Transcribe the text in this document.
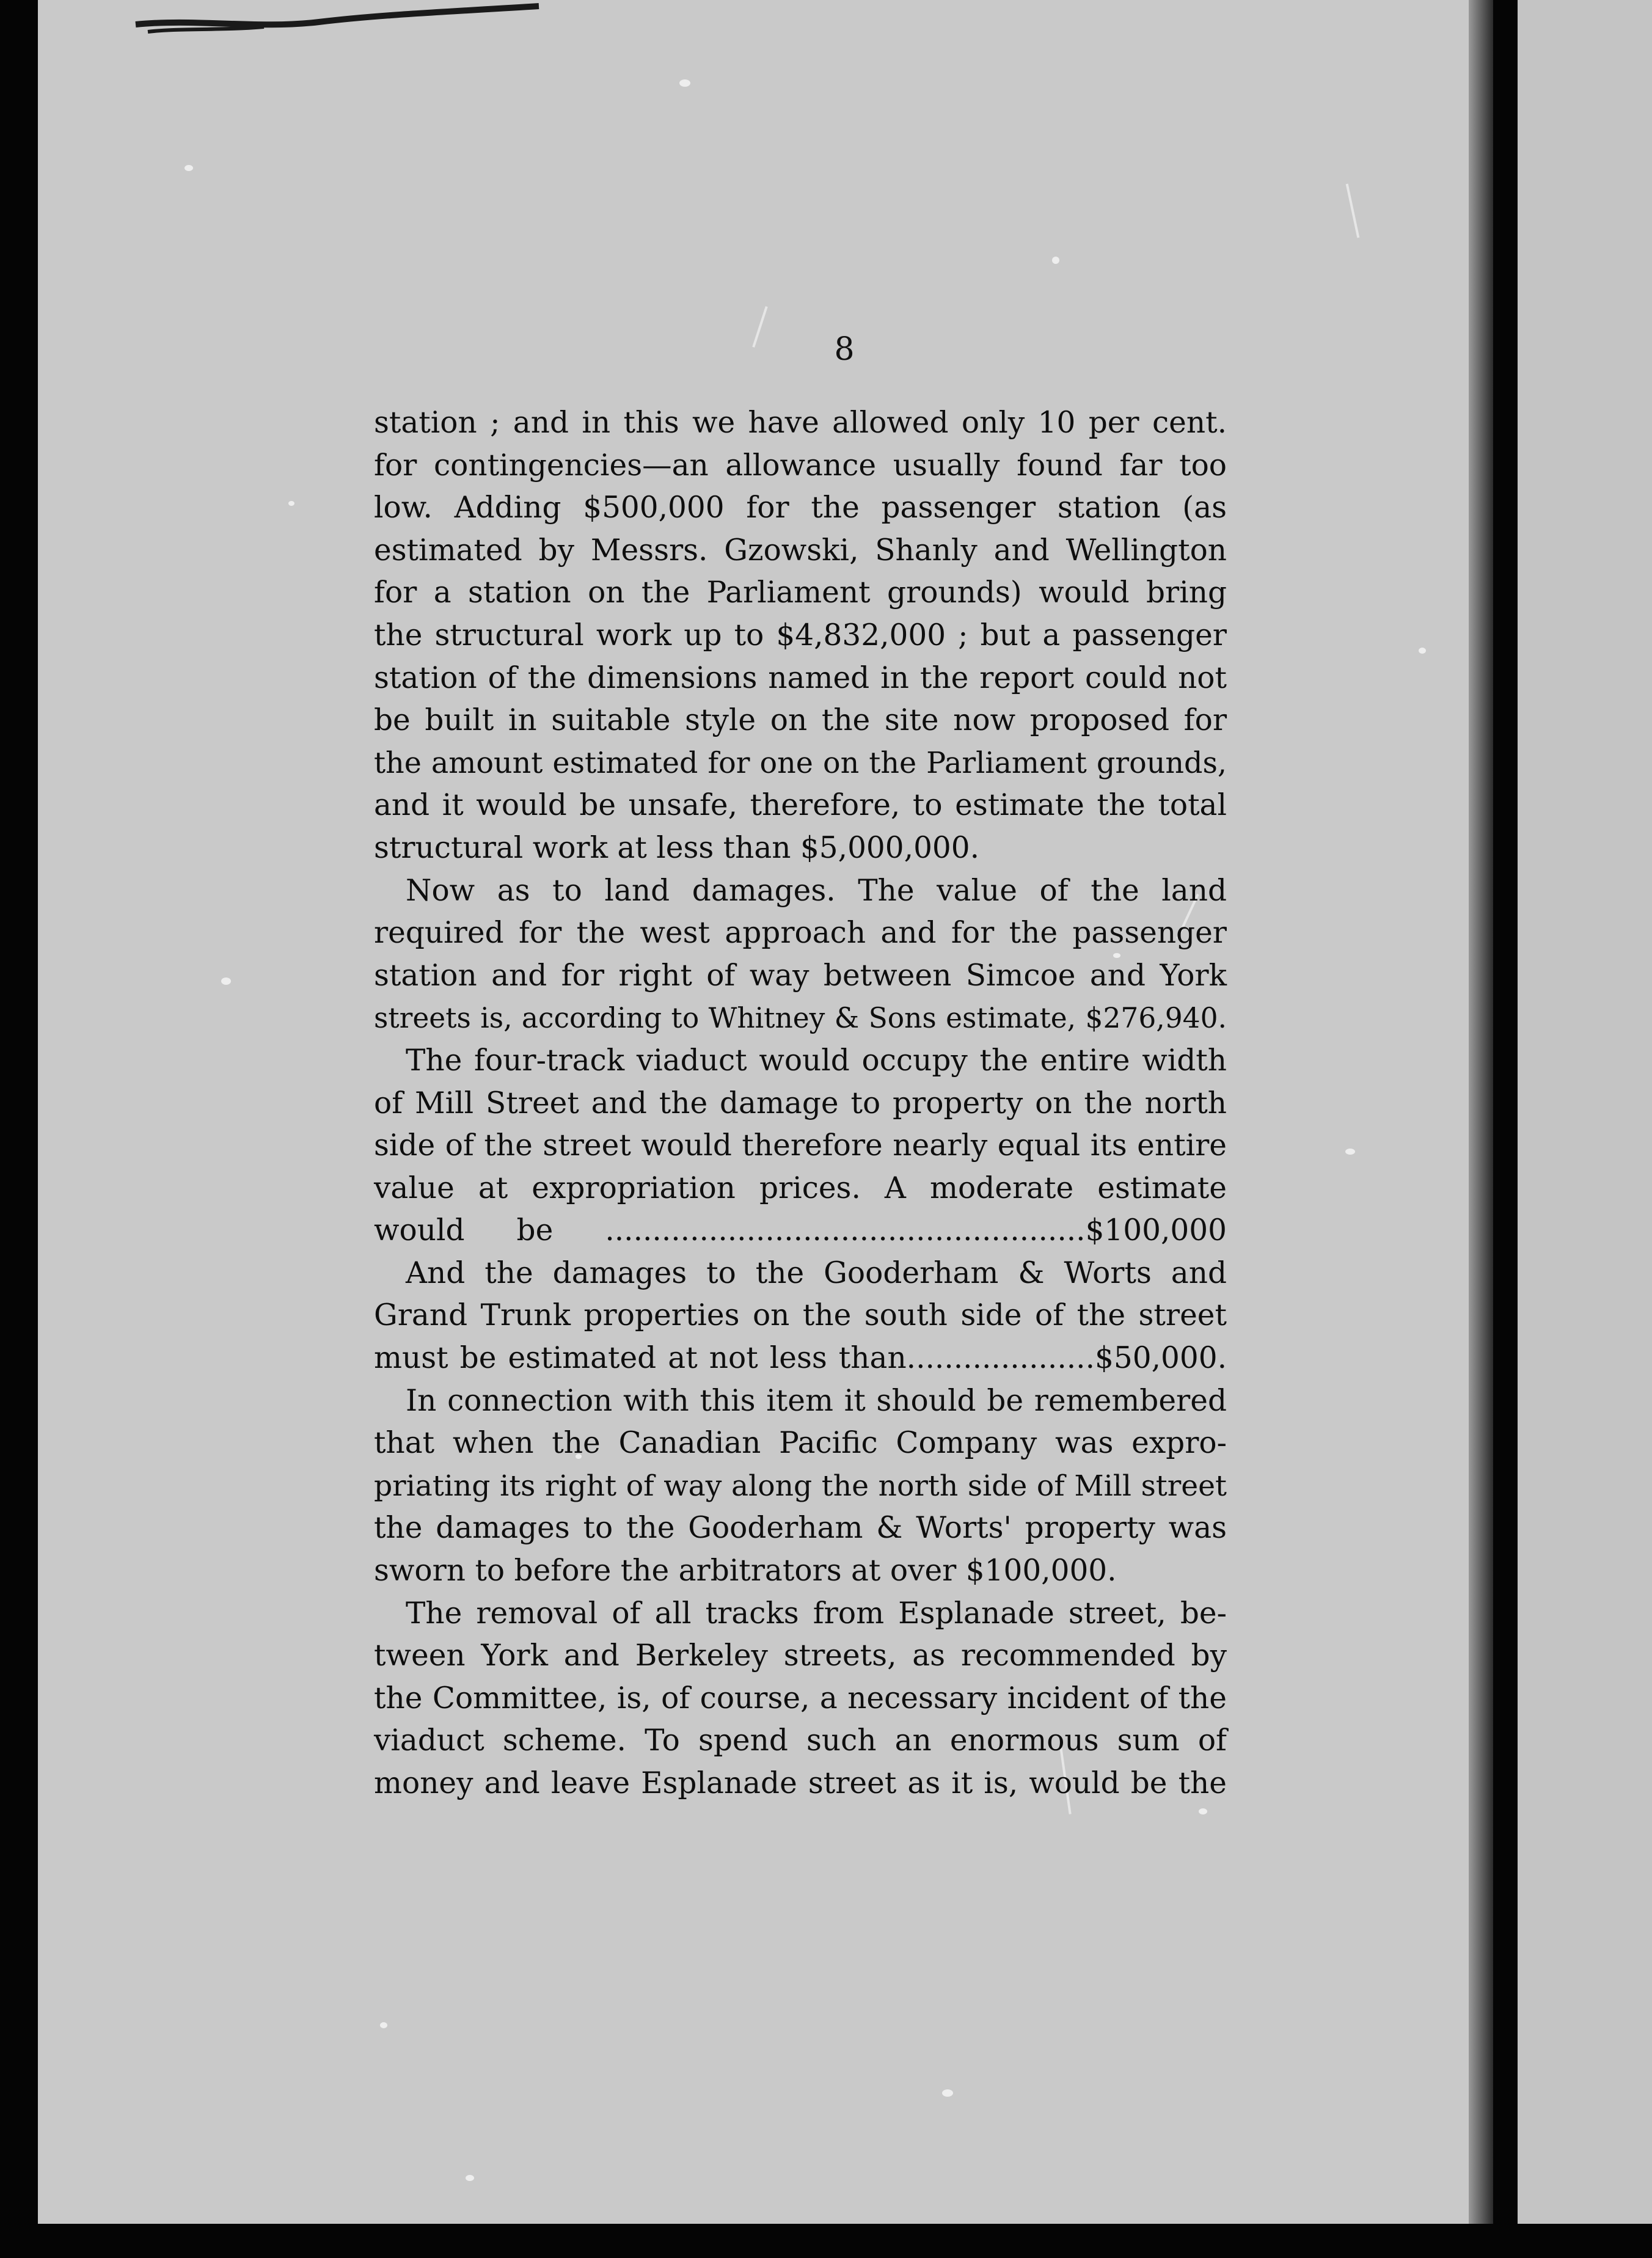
8
station ; and in this we have allowed only 10 per cent.
for contingencies—an allowance usually found far too
low. Adding $500,000 for the passenger station (as
estimated by Messrs. Gzowski, Shanly and Wellington
for a station on the Parliament grounds) would bring
the structural work up to $4,832,000 ; but a passenger
station of the dimensions named in the report could not
be built in suitable style on the site now proposed for
the amount estimated for one on the Parliament grounds,
and it would be unsafe, therefore, to estimate the total
structural work at less than $5,000,000.
Now as to land damages. The value of the land
required for the west approach and for the passenger
station and for right of way between Simcoe and York
streets is, according to Whitney & Sons estimate, $276,940.
The four-track viaduct would occupy the entire width
of Mill Street and the damage to property on the north
side of the street would therefore nearly equal its entire
value at expropriation prices. A moderate estimate
would be ...................................................$100,000
And the damages to the Gooderham & Worts and
Grand Trunk properties on the south side of the street
must be estimated at not less than....................$50,000.
In connection with this item it should be remembered
that when the Canadian Pacific Company was expro-
priating its right of way along the north side of Mill street
the damages to the Gooderham & Worts' property was
sworn to before the arbitrators at over $100,000.
The removal of all tracks from Esplanade street, be-
tween York and Berkeley streets, as recommended by
the Committee, is, of course, a necessary incident of the
viaduct scheme. To spend such an enormous sum of
money and leave Esplanade street as it is, would be the
